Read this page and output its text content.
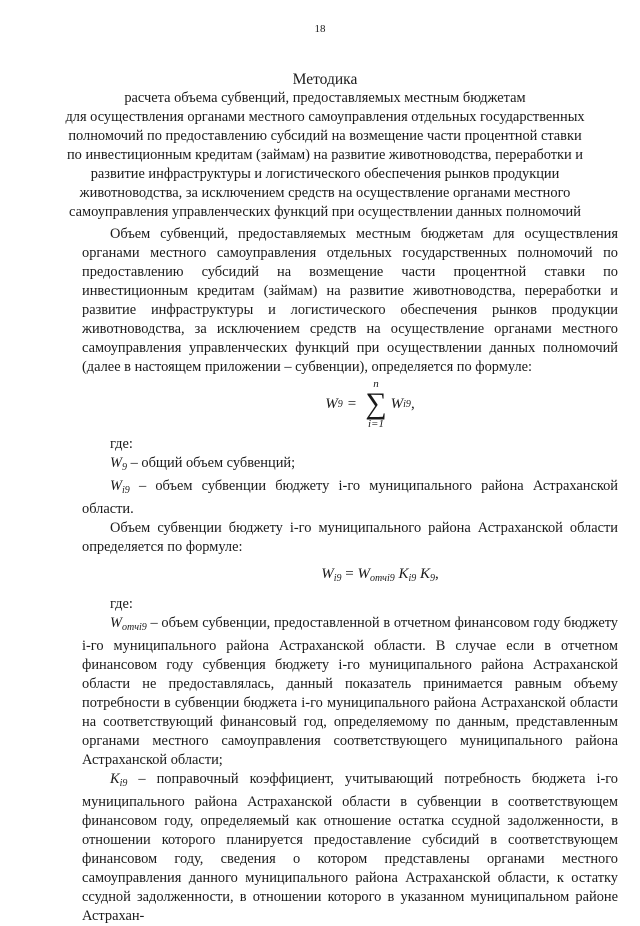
18
Методика
расчета объема субвенций, предоставляемых местным бюджетам
для осуществления органами местного самоуправления отдельных государственных
полномочий по предоставлению субсидий на возмещение части процентной ставки
по инвестиционным кредитам (займам) на развитие животноводства, переработки и
развитие инфраструктуры и логистического обеспечения рынков продукции
животноводства, за исключением средств на осуществление органами местного
самоуправления управленческих функций при осуществлении данных полномочий

Объем субвенций, предоставляемых местным бюджетам для осуществления органами местного самоуправления отдельных государственных полномочий по предоставлению субсидий на возмещение части процентной ставки по инвестиционным кредитам (займам) на развитие животноводства, переработки и развитие инфраструктуры и логистического обеспечения рынков продукции животноводства, за исключением средств на осуществление органами местного самоуправления управленческих функций при осуществлении данных полномочий (далее в настоящем приложении – субвенции), определяется по формуле:

W 9 =
n
∑
i=1
W i9 ,

где:

$W_9$ – общий объем субвенций;

$W_{i9}$ – объем субвенции бюджету i-го муниципального района Астраханской области.

Объем субвенции бюджету i-го муниципального района Астраханской области определяется по формуле:

$W_{i9} = W_{отчi9}$ $K_{i9}$ $K_9$,

где:

$W_{отчi9}$ – объем субвенции, предоставленной в отчетном финансовом году бюджету i-го муниципального района Астраханской области. В случае если в отчетном финансовом году субвенция бюджету i-го муниципального района Астраханской области не предоставлялась, данный показатель принимается равным объему потребности в субвенции бюджета i-го муниципального района Астраханской области на соответствующий финансовый год, определяемому по данным, представленным органами местного самоуправления соответствующего муниципального района Астраханской области;

$K_{i9}$ – поправочный коэффициент, учитывающий потребность бюджета i-го муниципального района Астраханской области в субвенции в соответствующем финансовом году, определяемый как отношение остатка ссудной задолженности, в отношении которого планируется предоставление субсидий в соответствующем финансовом году, сведения о котором представлены органами местного самоуправления данного муниципального района Астраханской области, к остатку ссудной задолженности, в отношении которого в указанном муниципальном районе Астрахан-
